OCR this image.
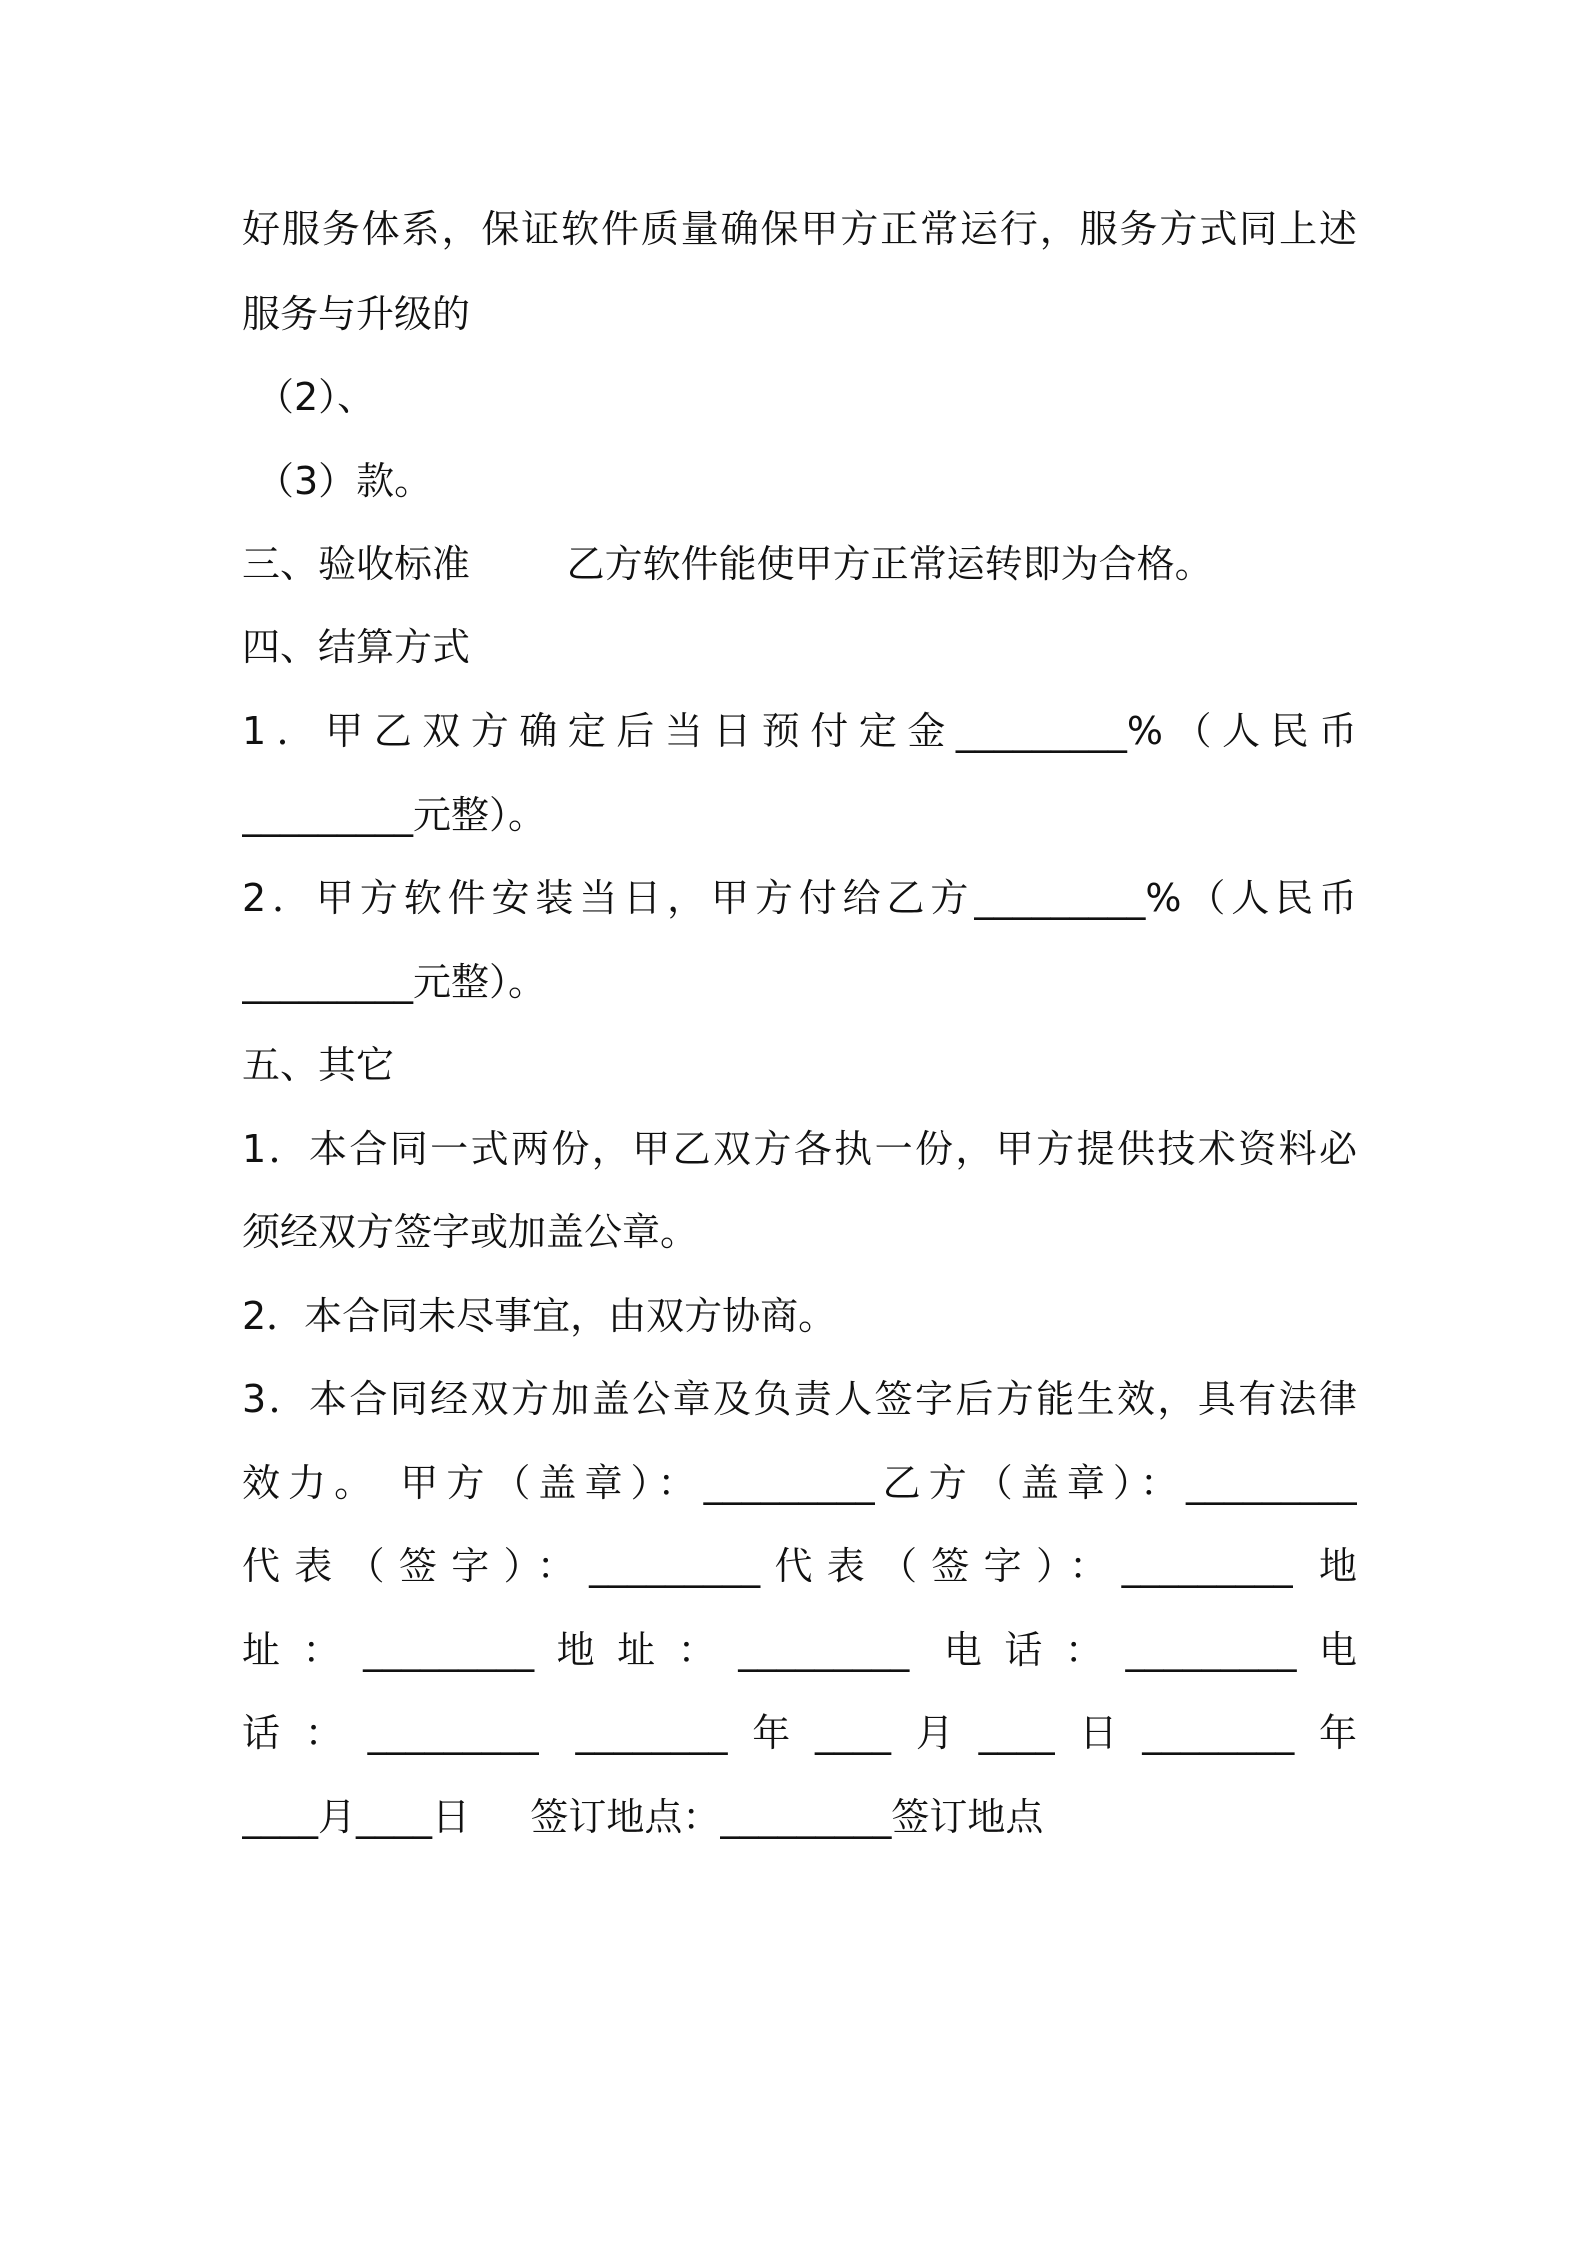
好服务体系，保证软件质量确保甲方正常运行，服务方式同上述
服务与升级的
（2）、
（3）款。
三、验收标准        乙方软件能使甲方正常运转即为合格。
四、结算方式
1．甲乙双方确定后当日预付定金_________%（人民币
_________元整）。
2．甲方软件安装当日，甲方付给乙方_________%（人民币
_________元整）。
五、其它
1．本合同一式两份，甲乙双方各执一份，甲方提供技术资料必
须经双方签字或加盖公章。
2．本合同未尽事宜，由双方协商。
3．本合同经双方加盖公章及负责人签字后方能生效，具有法律
效力。 甲方（盖章）：_________乙方（盖章）：_________
代表（签字）：_________代表（签字）：_________ 地
址：_________地址：_________ 电话：_________电
话：_________ ________年____月____日________年
____月____日     签订地点：_________签订地点
